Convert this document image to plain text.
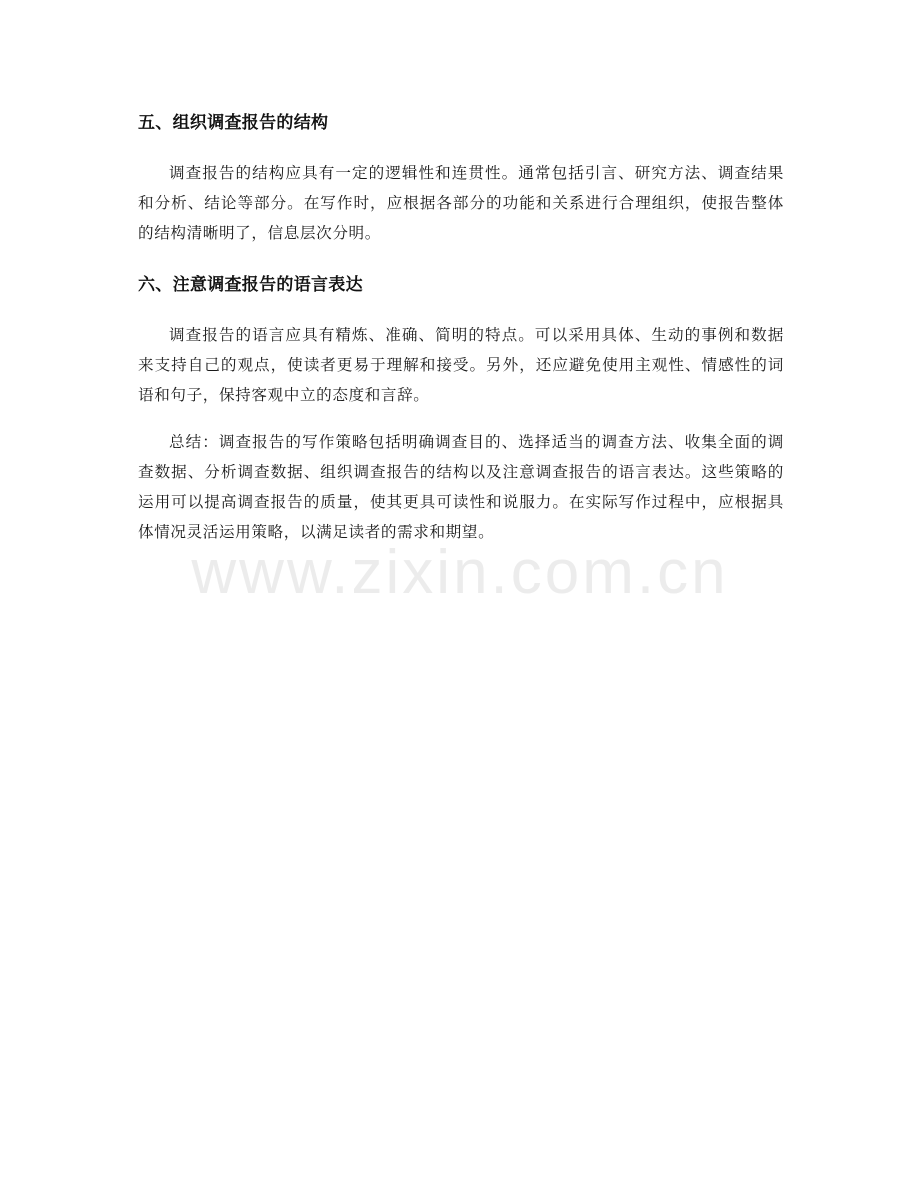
五、组织调查报告的结构

调查报告的结构应具有一定的逻辑性和连贯性。通常包括引言、研究方法、调查结果和分析、结论等部分。在写作时，应根据各部分的功能和关系进行合理组织，使报告整体的结构清晰明了，信息层次分明。

六、注意调查报告的语言表达

调查报告的语言应具有精炼、准确、简明的特点。可以采用具体、生动的事例和数据来支持自己的观点，使读者更易于理解和接受。另外，还应避免使用主观性、情感性的词语和句子，保持客观中立的态度和言辞。

总结：调查报告的写作策略包括明确调查目的、选择适当的调查方法、收集全面的调查数据、分析调查数据、组织调查报告的结构以及注意调查报告的语言表达。这些策略的运用可以提高调查报告的质量，使其更具可读性和说服力。在实际写作过程中，应根据具体情况灵活运用策略，以满足读者的需求和期望。

www.zixin.com.cn
